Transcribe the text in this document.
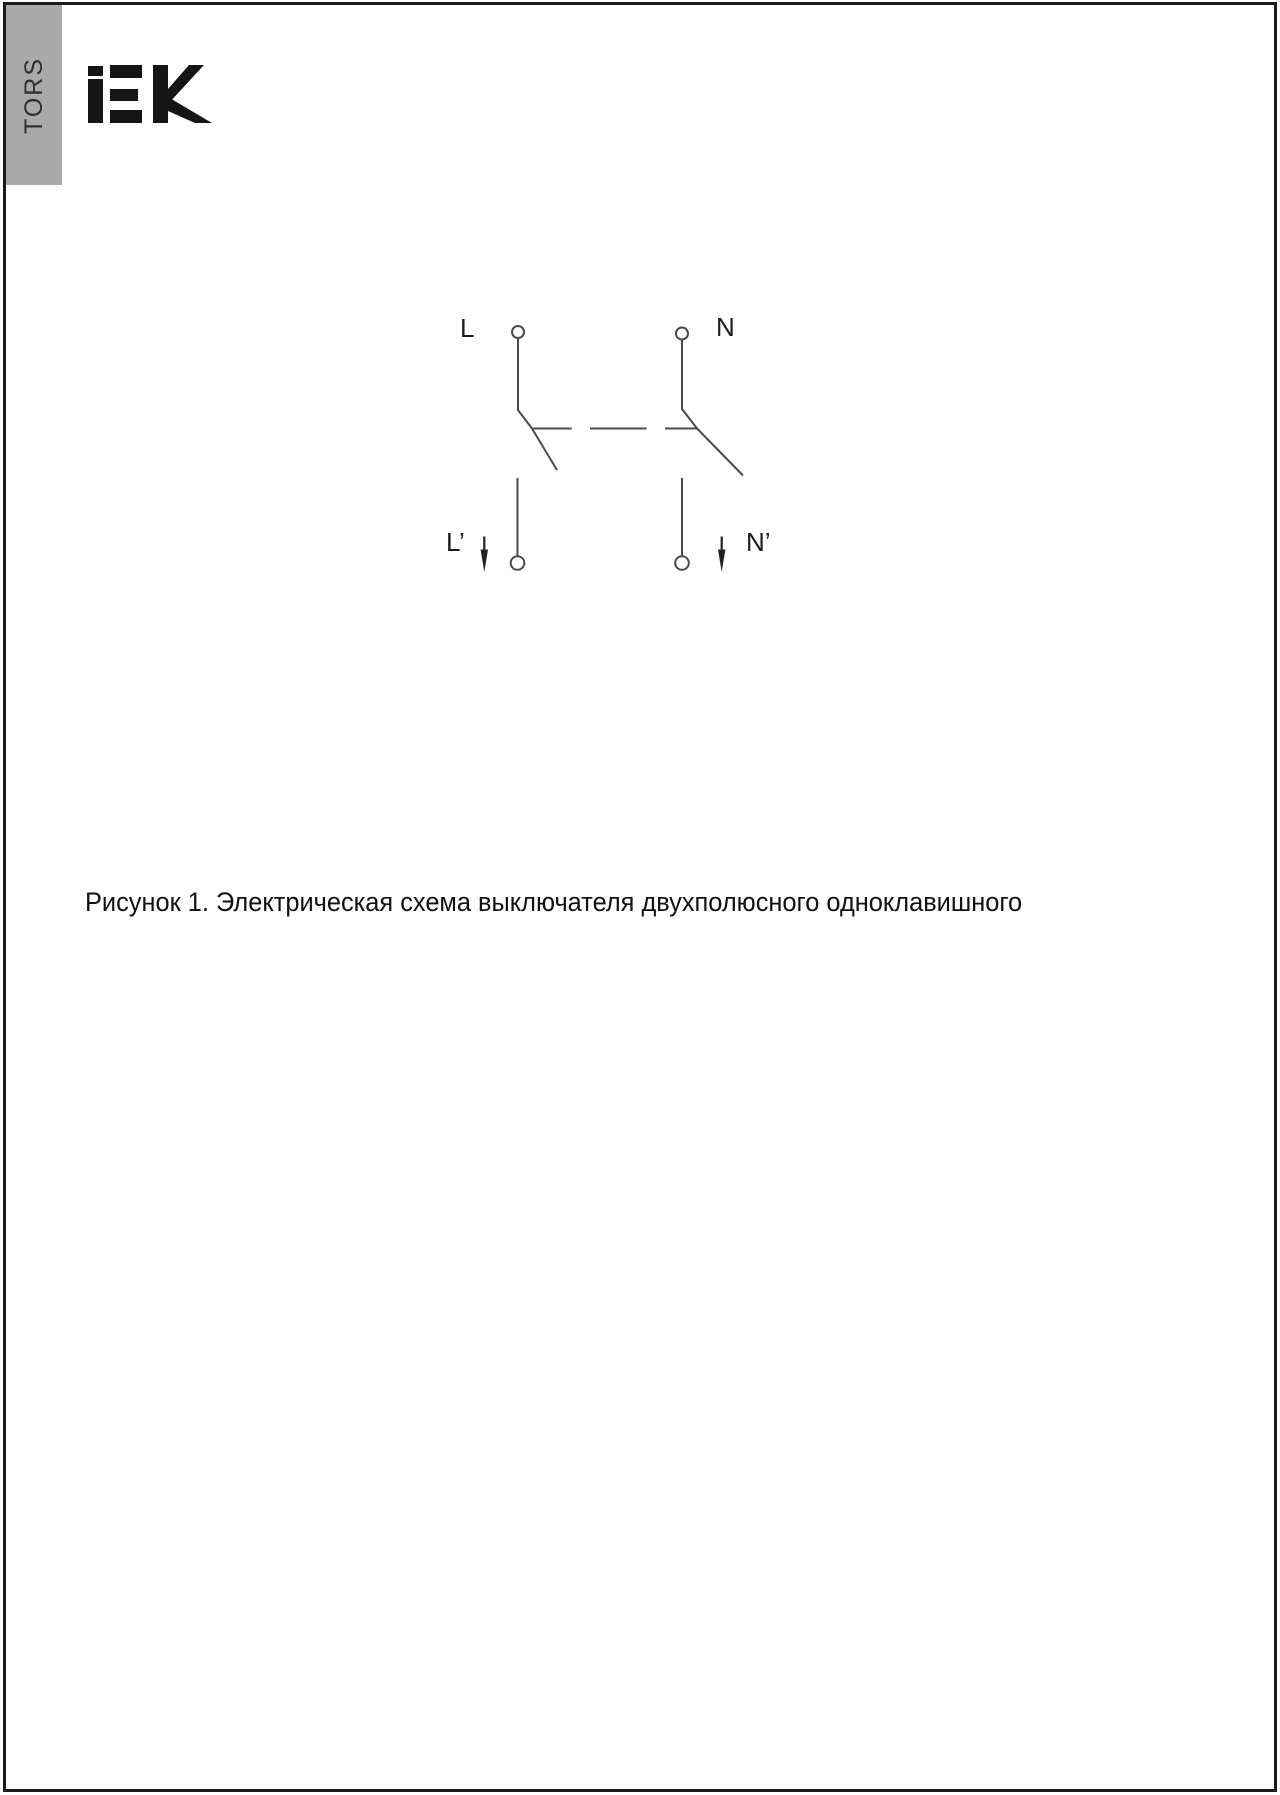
TORS
L	N
L’	N’
Рисунок 1. Электрическая схема выключателя двухполюсного одноклавишного
